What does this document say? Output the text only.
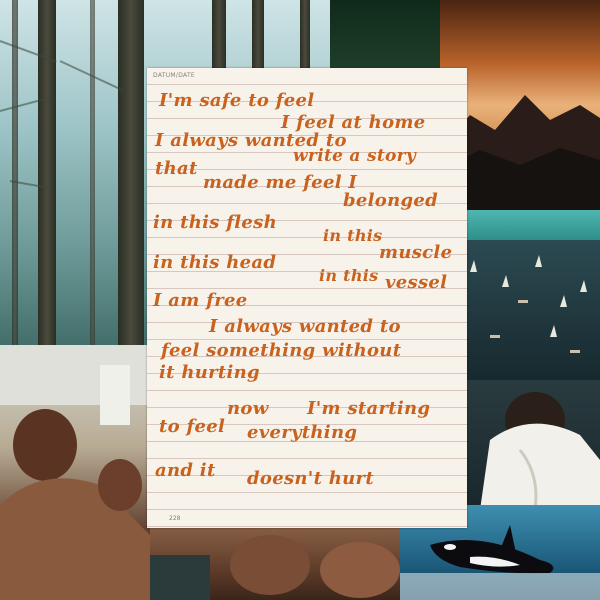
DATUM/DATE
I'm safe to feel
I feel at home
I always wanted to
write a story
that
made me feel I
belonged
in this flesh
in this
muscle
in this head
in this vessel
I am free
I always wanted to
feel something without
it hurting
now I'm starting
to feel everything
and it doesn't hurt
228
